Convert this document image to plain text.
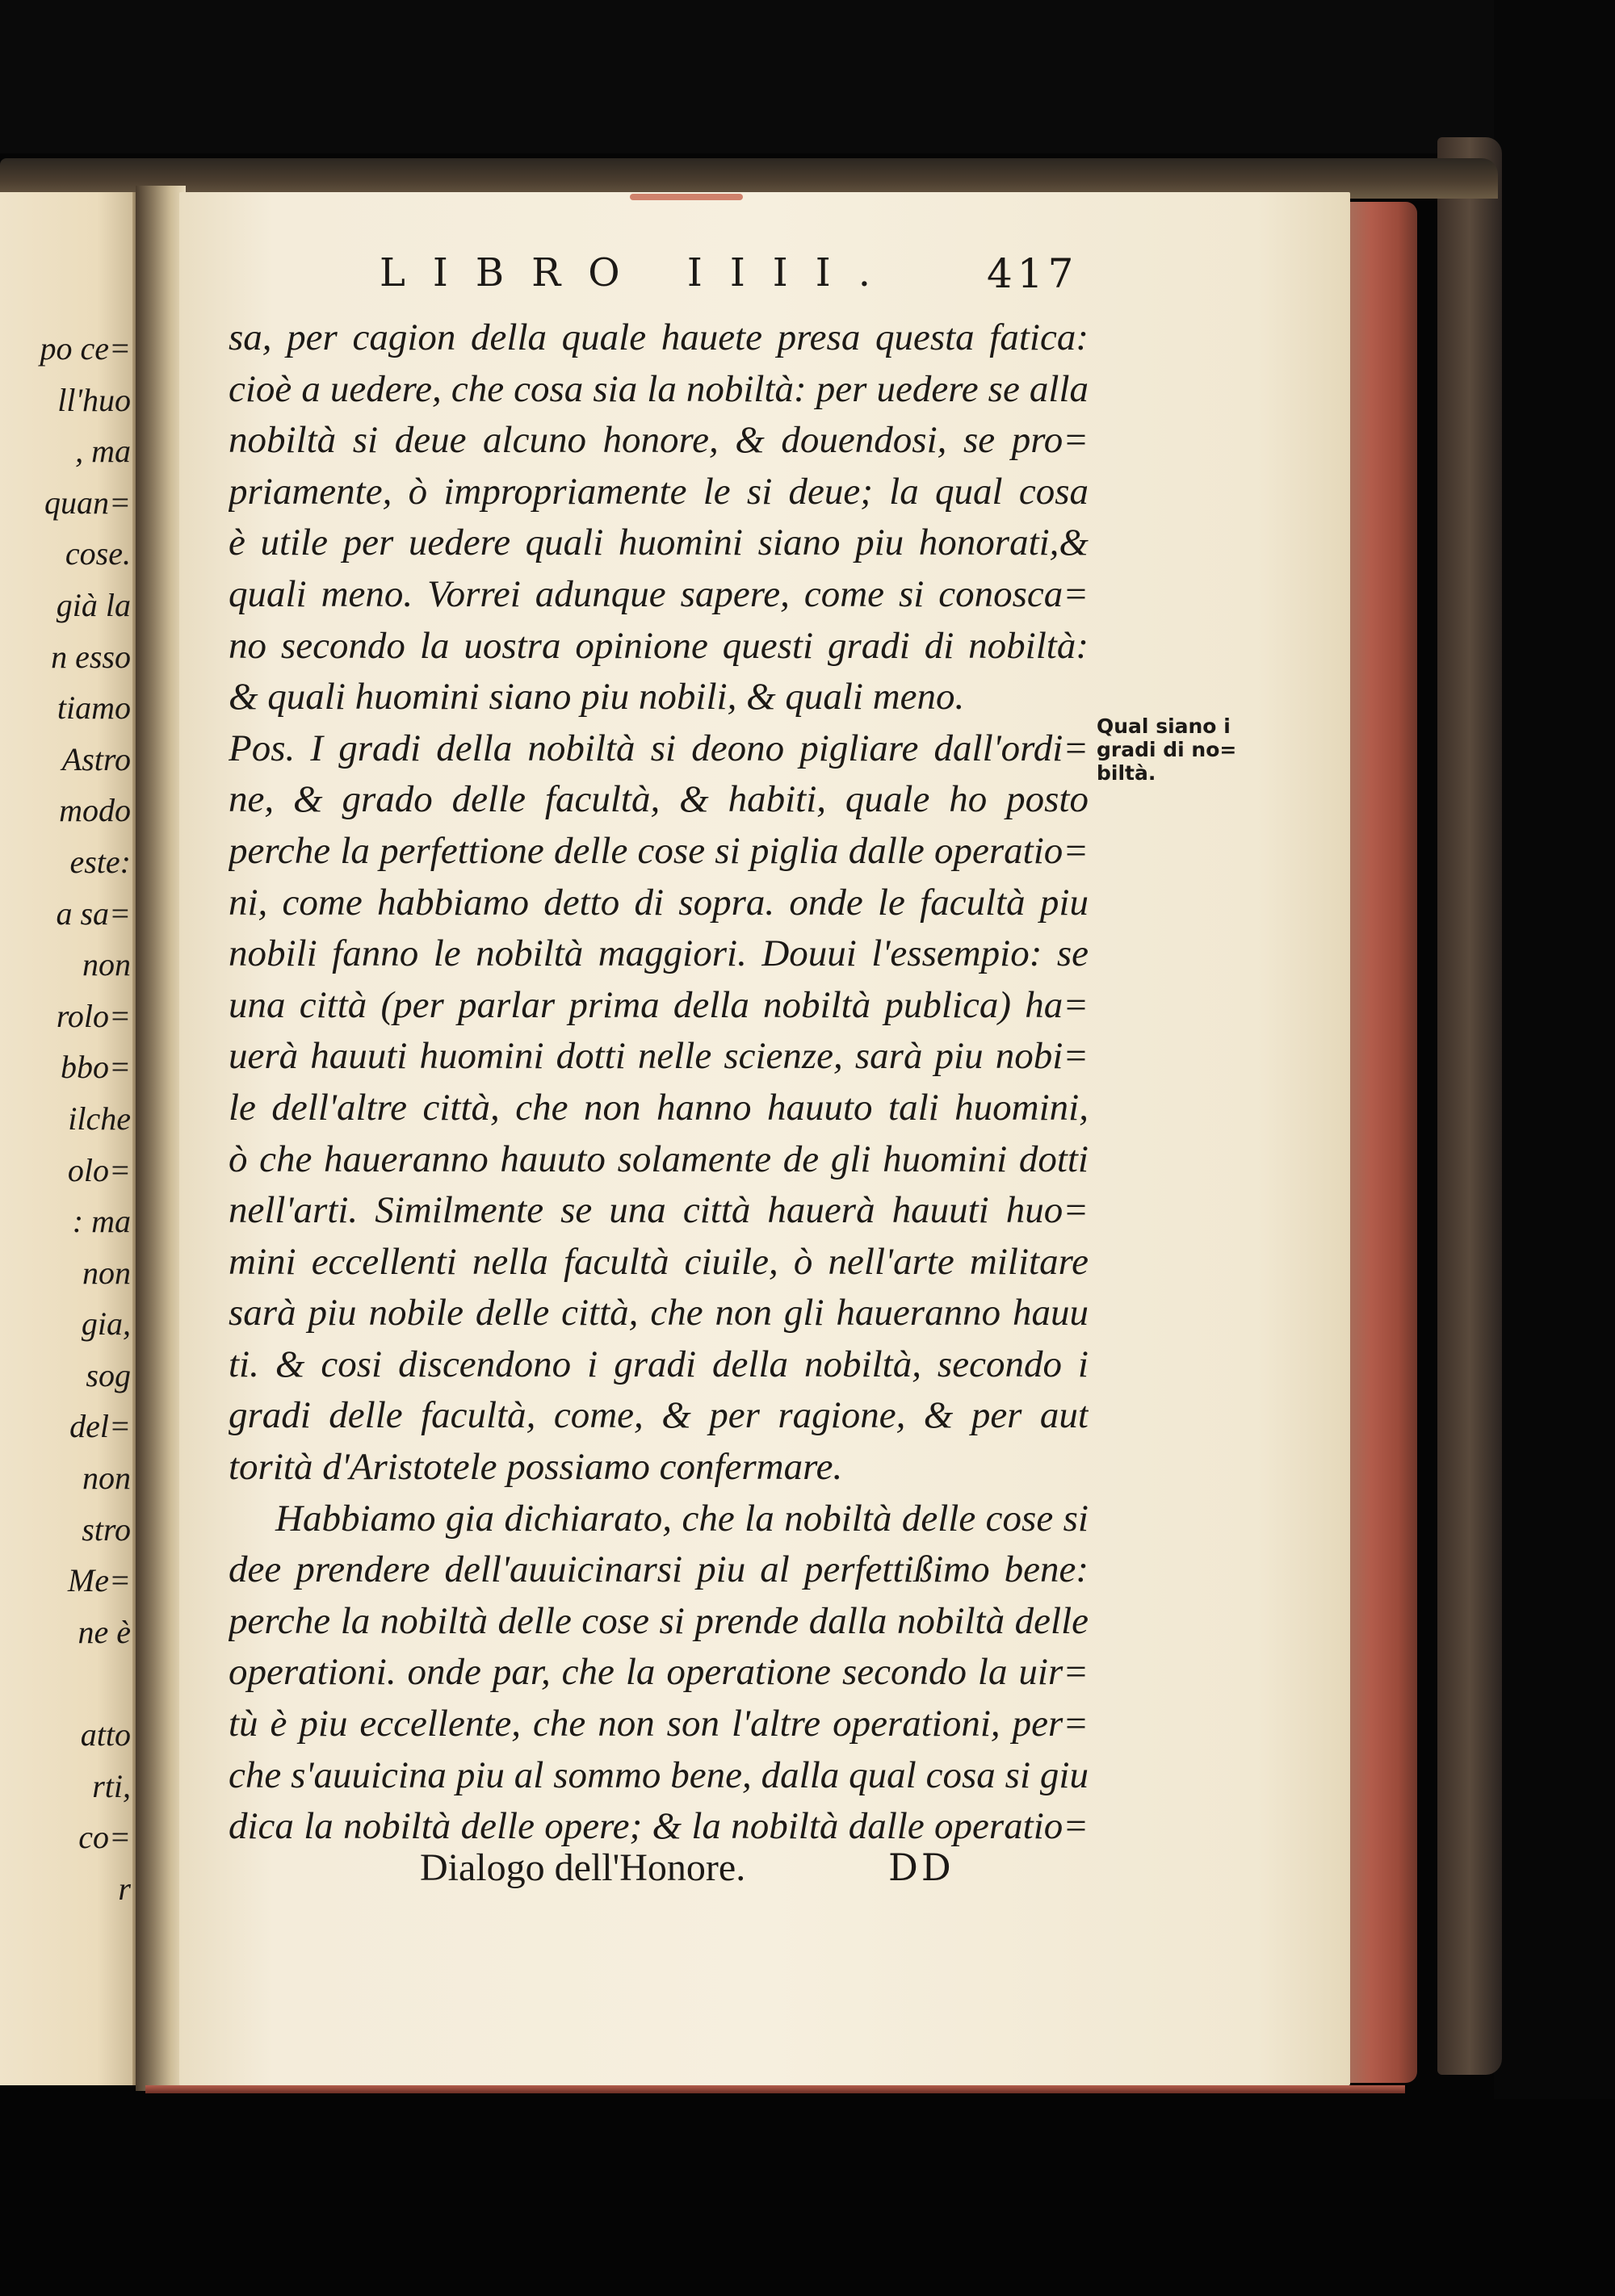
po ce=
ll'huo
, ma
quan=
cose.
già la
n esso
tiamo
Astro
modo
este:
a sa=
non
rolo=
bbo=
ilche
olo=
: ma
non
gia,
sog
del=
non
stro
Me=
ne è
atto
rti,
co=
r
LIBRO IIII.	417
sa, per cagion della quale hauete presa questa fatica:
cioè a uedere, che cosa sia la nobiltà: per uedere se alla
nobiltà si deue alcuno honore, & douendosi, se pro=
priamente, ò impropriamente le si deue; la qual cosa
è utile per uedere quali huomini siano piu honorati,&
quali meno. Vorrei adunque sapere, come si conosca=
no secondo la uostra opinione questi gradi di nobiltà:
& quali huomini siano piu nobili, & quali meno.
Pos. I gradi della nobiltà si deono pigliare dall'ordi=
ne, & grado delle facultà, & habiti, quale ho posto
perche la perfettione delle cose si piglia dalle operatio=
ni, come habbiamo detto di sopra. onde le facultà piu
nobili fanno le nobiltà maggiori. Douui l'essempio: se
una città (per parlar prima della nobiltà publica) ha=
uerà hauuti huomini dotti nelle scienze, sarà piu nobi=
le dell'altre città, che non hanno hauuto tali huomini,
ò che haueranno hauuto solamente de gli huomini dotti
nell'arti. Similmente se una città hauerà hauuti huo=
mini eccellenti nella facultà ciuile, ò nell'arte militare
sarà piu nobile delle città, che non gli haueranno hauu
ti. & cosi discendono i gradi della nobiltà, secondo i
gradi delle facultà, come, & per ragione, & per aut
torità d'Aristotele possiamo confermare.
Habbiamo gia dichiarato, che la nobiltà delle cose si
dee prendere dell'auuicinarsi piu al perfettißimo bene:
perche la nobiltà delle cose si prende dalla nobiltà delle
operationi. onde par, che la operatione secondo la uir=
tù è piu eccellente, che non son l'altre operationi, per=
che s'auuicina piu al sommo bene, dalla qual cosa si giu
dica la nobiltà delle opere; & la nobiltà dalle operatio=
Qual siano i
gradi di no=
biltà.
Dialogo dell'Honore.	DD
